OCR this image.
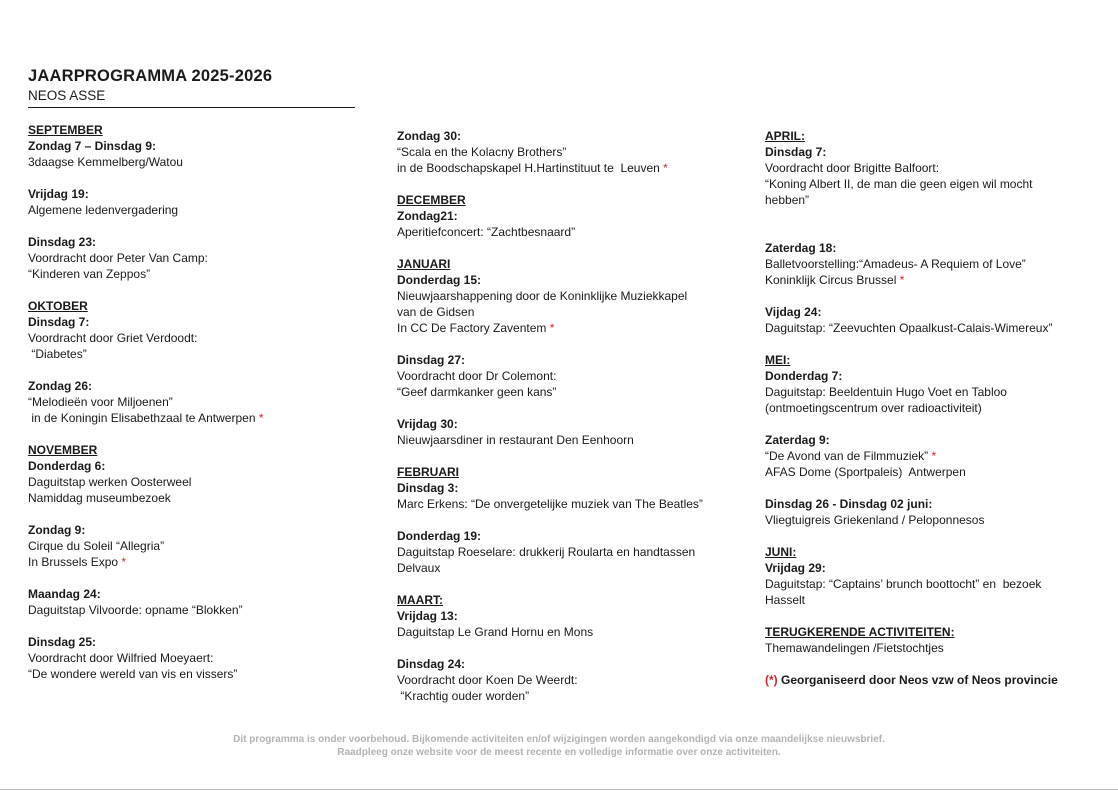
JAARPROGRAMMA 2025-2026
NEOS ASSE
SEPTEMBER
Zondag 7 – Dinsdag 9:
3daagse Kemmelberg/Watou
Vrijdag 19:
Algemene ledenvergadering
Dinsdag 23:
Voordracht door Peter Van Camp:
“Kinderen van Zeppos”
OKTOBER
Dinsdag 7:
Voordracht door Griet Verdoodt:
“Diabetes”
Zondag 26:
“Melodieën voor Miljoenen”
in de Koningin Elisabethzaal te Antwerpen *
NOVEMBER
Donderdag 6:
Daguitstap werken Oosterweel
Namiddag museumbezoek
Zondag 9:
Cirque du Soleil “Allegria”
In Brussels Expo *
Maandag 24:
Daguitstap Vilvoorde: opname “Blokken”
Dinsdag 25:
Voordracht door Wilfried Moeyaert:
“De wondere wereld van vis en vissers”
Zondag 30:
“Scala en the Kolacny Brothers”
in de Boodschapskapel H.Hartinstituut te  Leuven *
DECEMBER
Zondag21:
Aperitiefconcert: “Zachtbesnaard”
JANUARI
Donderdag 15:
Nieuwjaarshappening door de Koninklijke Muziekkapel
van de Gidsen
In CC De Factory Zaventem *
Dinsdag 27:
Voordracht door Dr Colemont:
“Geef darmkanker geen kans”
Vrijdag 30:
Nieuwjaarsdiner in restaurant Den Eenhoorn
FEBRUARI
Dinsdag 3:
Marc Erkens: “De onvergetelijke muziek van The Beatles”
Donderdag 19:
Daguitstap Roeselare: drukkerij Roularta en handtassen
Delvaux
MAART:
Vrijdag 13:
Daguitstap Le Grand Hornu en Mons
Dinsdag 24:
Voordracht door Koen De Weerdt:
“Krachtig ouder worden”
APRIL:
Dinsdag 7:
Voordracht door Brigitte Balfoort:
“Koning Albert II, de man die geen eigen wil mocht
hebben”
Zaterdag 18:
Balletvoorstelling:“Amadeus- A Requiem of Love”
Koninklijk Circus Brussel *
Vijdag 24:
Daguitstap: “Zeevuchten Opaalkust-Calais-Wimereux”
MEI:
Donderdag 7:
Daguitstap: Beeldentuin Hugo Voet en Tabloo
(ontmoetingscentrum over radioactiviteit)
Zaterdag 9:
“De Avond van de Filmmuziek” *
AFAS Dome (Sportpaleis)  Antwerpen
Dinsdag 26 - Dinsdag 02 juni:
Vliegtuigreis Griekenland / Peloponnesos
JUNI:
Vrijdag 29:
Daguitstap: “Captains’ brunch boottocht” en  bezoek
Hasselt
TERUGKERENDE ACTIVITEITEN:
Themawandelingen /Fietstochtjes
(*) Georganiseerd door Neos vzw of Neos provincie
Dit programma is onder voorbehoud. Bijkomende activiteiten en/of wijzigingen worden aangekondigd via onze maandelijkse nieuwsbrief.
Raadpleeg onze website voor de meest recente en volledige informatie over onze activiteiten.
